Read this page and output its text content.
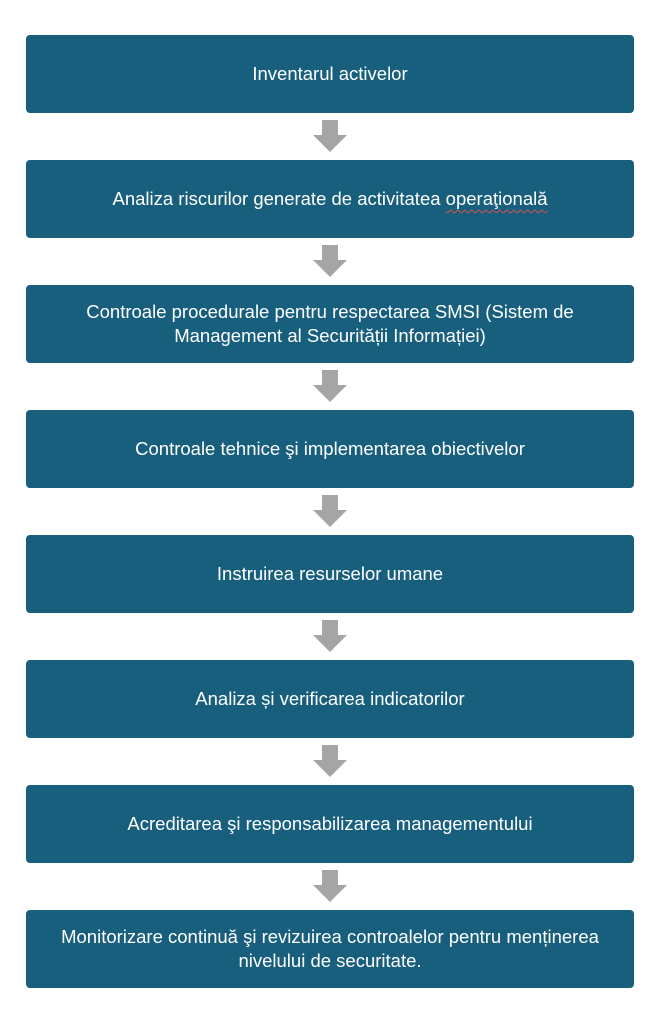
Inventarul activelor
Analiza riscurilor generate de activitatea operaţională
Controale procedurale pentru respectarea SMSI (Sistem de Management al Securității Informației)
Controale tehnice şi implementarea obiectivelor
Instruirea resurselor umane
Analiza și verificarea indicatorilor
Acreditarea şi responsabilizarea managementului
Monitorizare continuă şi revizuirea controalelor pentru menținerea nivelului de securitate.
